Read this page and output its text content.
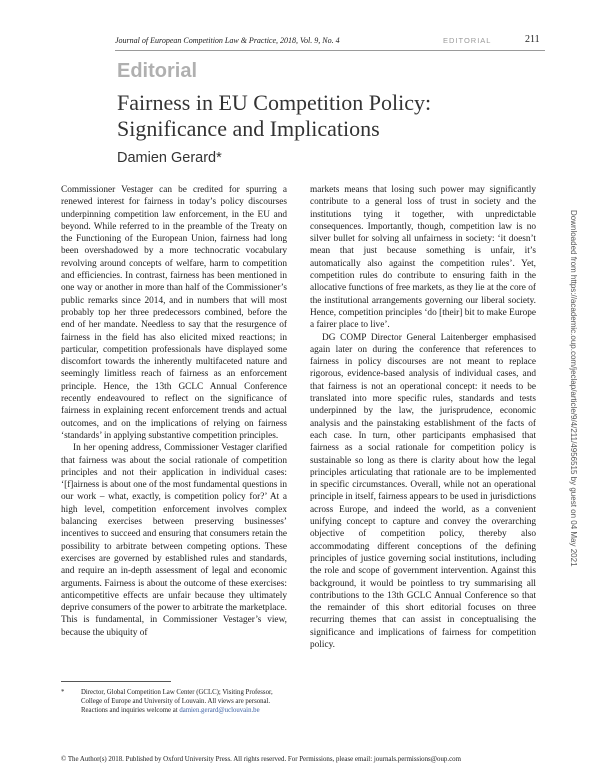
Journal of European Competition Law & Practice, 2018, Vol. 9, No. 4	EDITORIAL	211
Editorial
Fairness in EU Competition Policy: Significance and Implications
Damien Gerard*

Commissioner Vestager can be credited for spurring a renewed interest for fairness in today’s policy discourses underpinning competition law enforcement, in the EU and beyond. While referred to in the preamble of the Treaty on the Functioning of the European Union, fairness had long been overshadowed by a more technocratic vocabulary revolving around concepts of welfare, harm to competition and efficiencies. In contrast, fairness has been mentioned in one way or another in more than half of the Commissioner’s public remarks since 2014, and in numbers that will most probably top her three predecessors combined, before the end of her mandate. Needless to say that the resurgence of fairness in the field has also elicited mixed reactions; in particular, competition professionals have displayed some discomfort towards the inherently multifaceted nature and seemingly limitless reach of fairness as an enforcement principle. Hence, the 13th GCLC Annual Conference recently endeavoured to reflect on the significance of fairness in explaining recent enforcement trends and actual outcomes, and on the implications of relying on fairness ‘standards’ in applying substantive competition principles.

In her opening address, Commissioner Vestager clarified that fairness was about the social rationale of competition principles and not their application in individual cases: ‘[f]airness is about one of the most fundamental questions in our work – what, exactly, is competition policy for?’ At a high level, competition enforcement involves complex balancing exercises between preserving businesses’ incentives to succeed and ensuring that consumers retain the possibility to arbitrate between competing options. These exercises are governed by established rules and standards, and require an in-depth assessment of legal and economic arguments. Fairness is about the outcome of these exercises: anticompetitive effects are unfair because they ultimately deprive consumers of the power to arbitrate the marketplace. This is fundamental, in Commissioner Vestager’s view, because the ubiquity of

markets means that losing such power may significantly contribute to a general loss of trust in society and the institutions tying it together, with unpredictable consequences. Importantly, though, competition law is no silver bullet for solving all unfairness in society: ‘it doesn’t mean that just because something is unfair, it’s automatically also against the competition rules’. Yet, competition rules do contribute to ensuring faith in the allocative functions of free markets, as they lie at the core of the institutional arrangements governing our liberal society. Hence, competition principles ‘do [their] bit to make Europe a fairer place to live’.

DG COMP Director General Laitenberger emphasised again later on during the conference that references to fairness in policy discourses are not meant to replace rigorous, evidence-based analysis of individual cases, and that fairness is not an operational concept: it needs to be translated into more specific rules, standards and tests underpinned by the law, the jurisprudence, economic analysis and the painstaking establishment of the facts of each case. In turn, other participants emphasised that fairness as a social rationale for competition policy is sustainable so long as there is clarity about how the legal principles articulating that rationale are to be implemented in specific circumstances. Overall, while not an operational principle in itself, fairness appears to be used in jurisdictions across Europe, and indeed the world, as a convenient unifying concept to capture and convey the overarching objective of competition policy, thereby also accommodating different conceptions of the defining principles of justice governing social institutions, including the role and scope of government intervention. Against this background, it would be pointless to try summarising all contributions to the 13th GCLC Annual Conference so that the remainder of this short editorial focuses on three recurring themes that can assist in conceptualising the significance and implications of fairness for competition policy.

* Director, Global Competition Law Center (GCLC); Visiting Professor, College of Europe and University of Louvain. All views are personal. Reactions and inquiries welcome at damien.gerard@uclouvain.be
© The Author(s) 2018. Published by Oxford University Press. All rights reserved. For Permissions, please email: journals.permissions@oup.com
Downloaded from https://academic.oup.com/jeclap/article/9/4/211/4956515 by guest on 04 May 2021
